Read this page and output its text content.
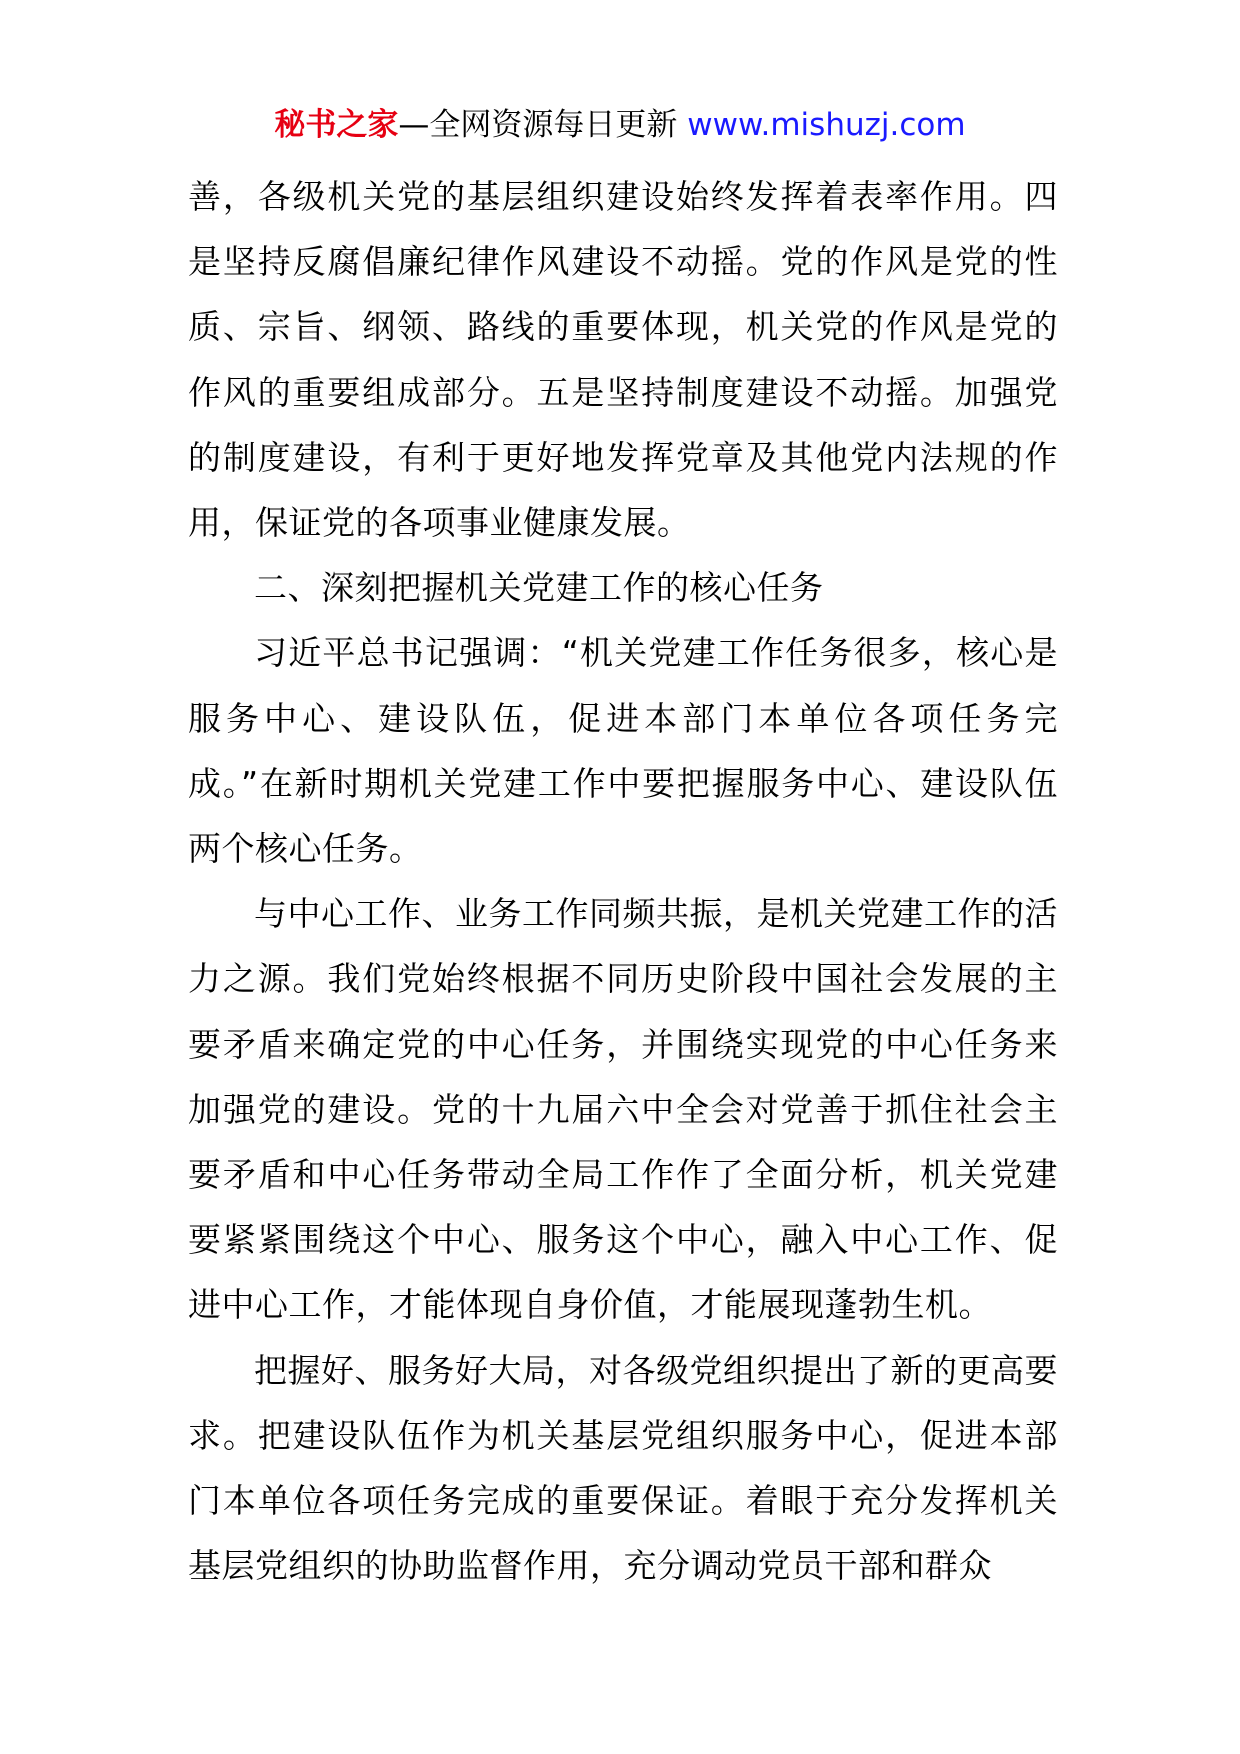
秘书之家—全网资源每日更新 www.mishuzj.com

善，各级机关党的基层组织建设始终发挥着表率作用。四是坚持反腐倡廉纪律作风建设不动摇。党的作风是党的性质、宗旨、纲领、路线的重要体现，机关党的作风是党的作风的重要组成部分。五是坚持制度建设不动摇。加强党的制度建设，有利于更好地发挥党章及其他党内法规的作用，保证党的各项事业健康发展。

二、深刻把握机关党建工作的核心任务

习近平总书记强调：“机关党建工作任务很多，核心是服务中心、建设队伍，促进本部门本单位各项任务完成。”在新时期机关党建工作中要把握服务中心、建设队伍两个核心任务。

与中心工作、业务工作同频共振，是机关党建工作的活力之源。我们党始终根据不同历史阶段中国社会发展的主要矛盾来确定党的中心任务，并围绕实现党的中心任务来加强党的建设。党的十九届六中全会对党善于抓住社会主要矛盾和中心任务带动全局工作作了全面分析，机关党建要紧紧围绕这个中心、服务这个中心，融入中心工作、促进中心工作，才能体现自身价值，才能展现蓬勃生机。

把握好、服务好大局，对各级党组织提出了新的更高要求。把建设队伍作为机关基层党组织服务中心，促进本部门本单位各项任务完成的重要保证。着眼于充分发挥机关基层党组织的协助监督作用，充分调动党员干部和群众
